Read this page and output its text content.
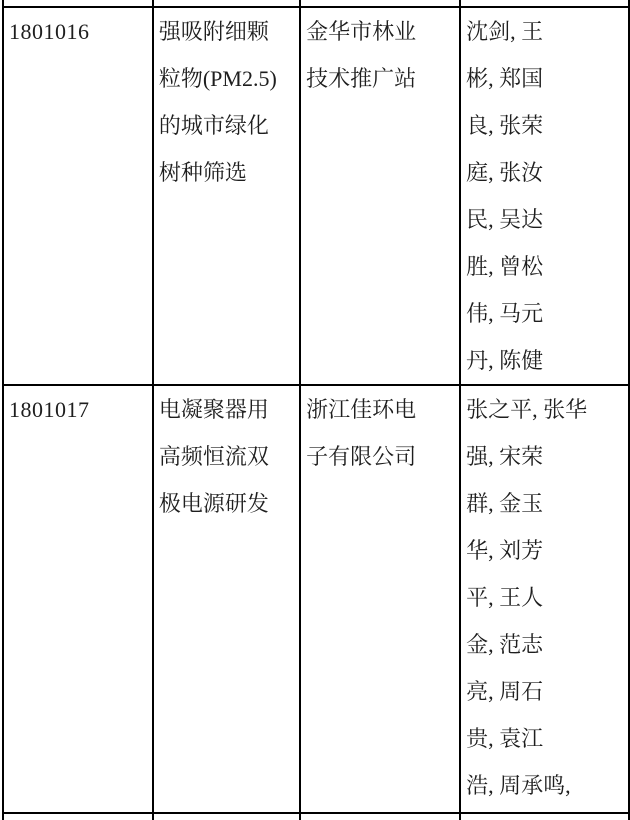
1801016	强吸附细颗
粒物(PM2.5)
的城市绿化
树种筛选	金华市林业
技术推广站	沈剑, 王
彬, 郑国
良, 张荣
庭, 张汝
民, 吴达
胜, 曾松
伟, 马元
丹, 陈健
1801017	电凝聚器用
高频恒流双
极电源研发	浙江佳环电
子有限公司	张之平, 张华
强, 宋荣
群, 金玉
华, 刘芳
平, 王人
金, 范志
亮, 周石
贵, 袁江
浩, 周承鸣,
